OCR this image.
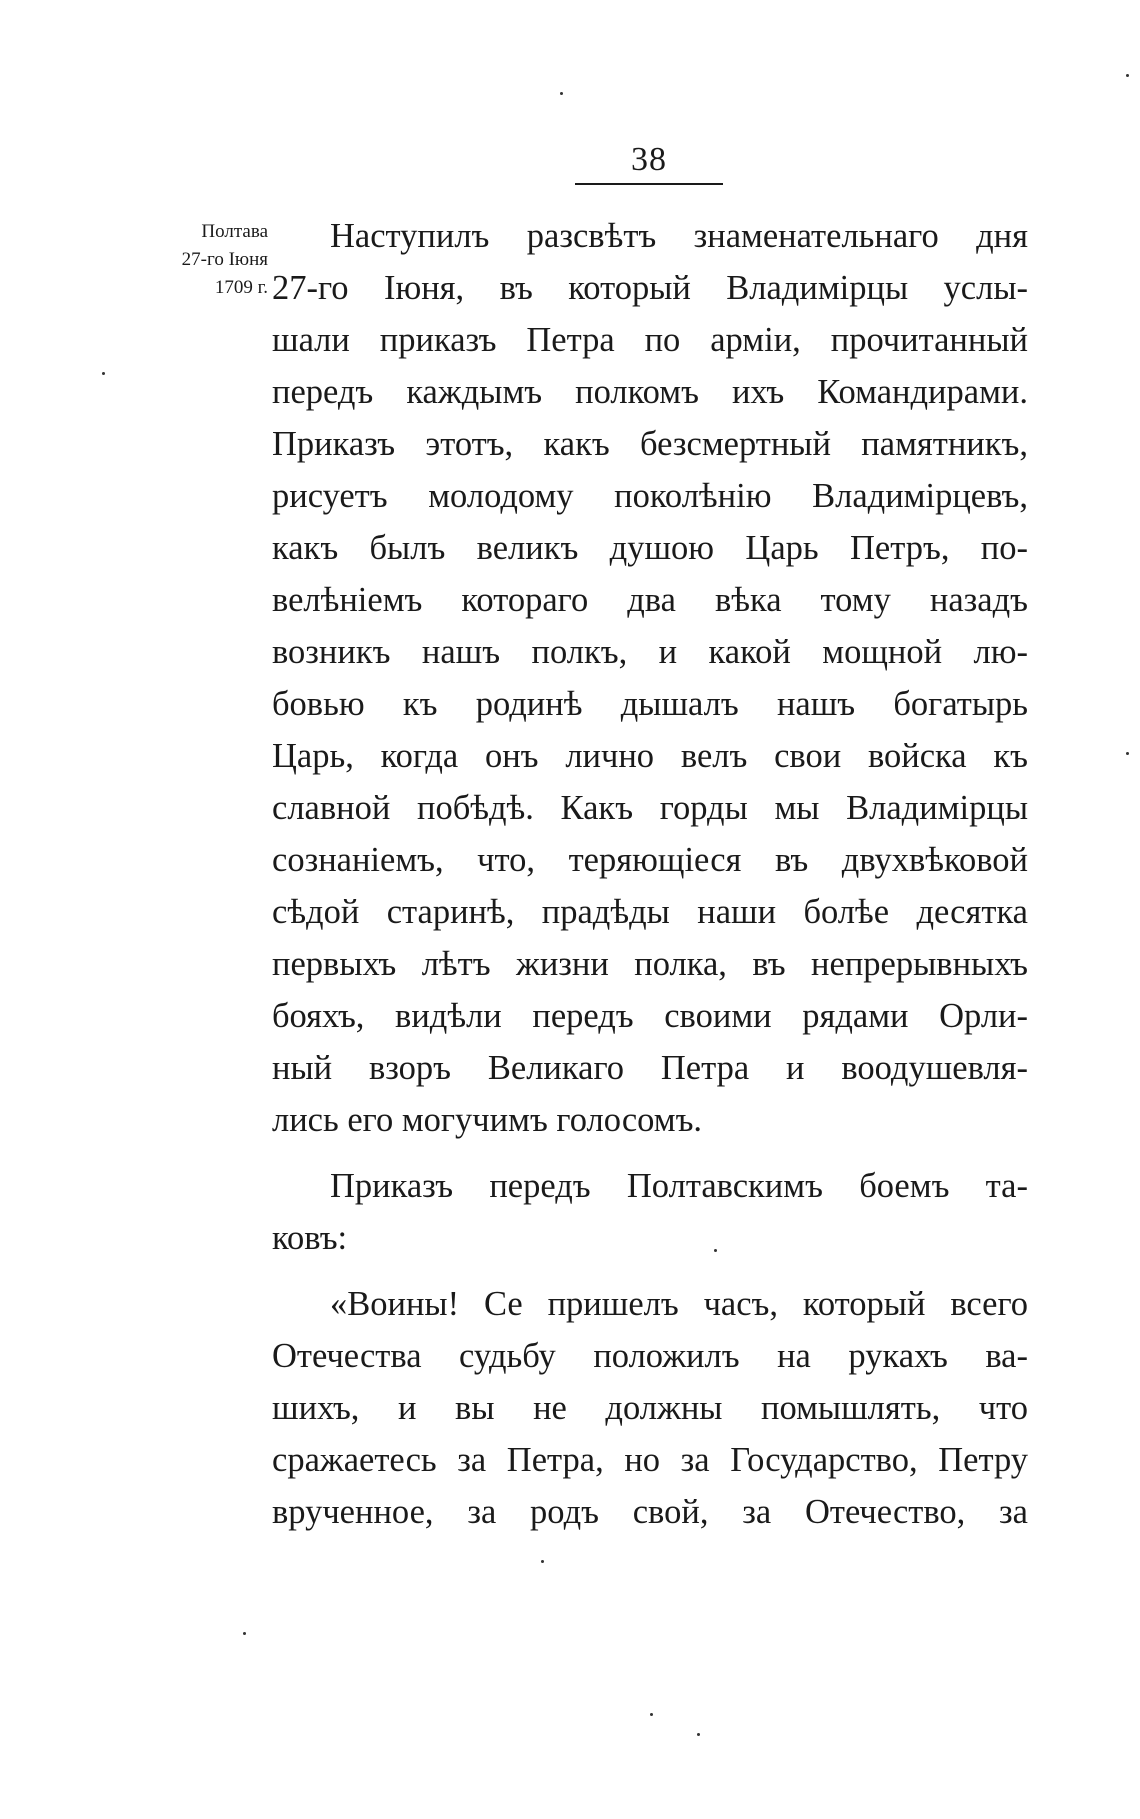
38
Полтава
27-го Іюня
1709 г.
Наступилъ разсвѣтъ знаменательнаго дня
27-го Іюня, въ который Владимірцы услы-
шали приказъ Петра по арміи, прочитанный
передъ каждымъ полкомъ ихъ Командирами.
Приказъ этотъ, какъ безсмертный памятникъ,
рисуетъ молодому поколѣнію Владимірцевъ,
какъ былъ великъ душою Царь Петръ, по-
велѣніемъ котораго два вѣка тому назадъ
возникъ нашъ полкъ, и какой мощной лю-
бовью къ родинѣ дышалъ нашъ богатырь
Царь, когда онъ лично велъ свои войска къ
славной побѣдѣ. Какъ горды мы Владимірцы
сознаніемъ, что, теряющіеся въ двухвѣковой
сѣдой старинѣ, прадѣды наши болѣе десятка
первыхъ лѣтъ жизни полка, въ непрерывныхъ
бояхъ, видѣли передъ своими рядами Орли-
ный взоръ Великаго Петра и воодушевля-
лись его могучимъ голосомъ.
Приказъ передъ Полтавскимъ боемъ та-
ковъ:
«Воины! Се пришелъ часъ, который всего
Отечества судьбу положилъ на рукахъ ва-
шихъ, и вы не должны помышлять, что
сражаетесь за Петра, но за Государство, Петру
врученное, за родъ свой, за Отечество, за
